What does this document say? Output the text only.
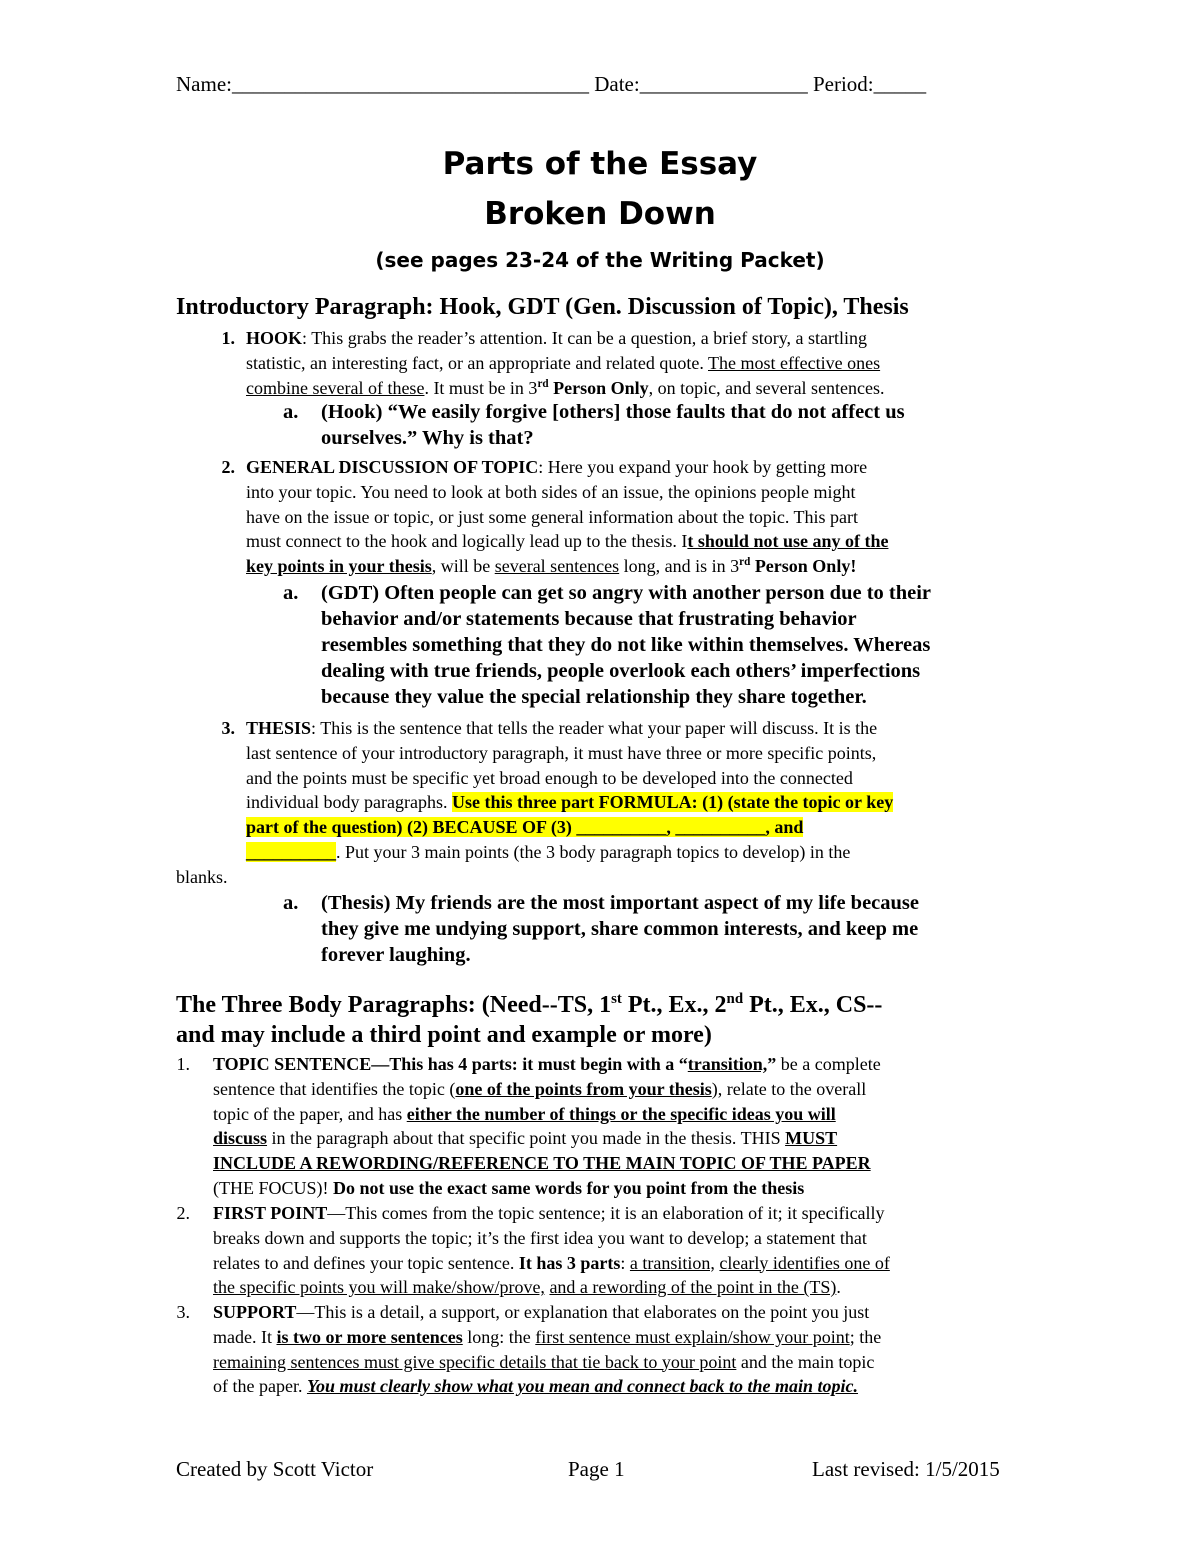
Name:__________________________________ Date:________________ Period:_____
Parts of the Essay
Broken Down
(see pages 23-24 of the Writing Packet)
Introductory Paragraph: Hook, GDT (Gen. Discussion of Topic), Thesis
1. HOOK: This grabs the reader’s attention. It can be a question, a brief story, a startling
statistic, an interesting fact, or an appropriate and related quote. The most effective ones
combine several of these. It must be in 3rd Person Only, on topic, and several sentences.
a. (Hook) “We easily forgive [others] those faults that do not affect us
ourselves.” Why is that?
2. GENERAL DISCUSSION OF TOPIC: Here you expand your hook by getting more
into your topic. You need to look at both sides of an issue, the opinions people might
have on the issue or topic, or just some general information about the topic. This part
must connect to the hook and logically lead up to the thesis. It should not use any of the
key points in your thesis, will be several sentences long, and is in 3rd Person Only!
a. (GDT) Often people can get so angry with another person due to their
behavior and/or statements because that frustrating behavior
resembles something that they do not like within themselves. Whereas
dealing with true friends, people overlook each others’ imperfections
because they value the special relationship they share together.
3. THESIS: This is the sentence that tells the reader what your paper will discuss. It is the
last sentence of your introductory paragraph, it must have three or more specific points,
and the points must be specific yet broad enough to be developed into the connected
individual body paragraphs. Use this three part FORMULA: (1) (state the topic or key
part of the question) (2) BECAUSE OF (3) __________, __________, and
__________. Put your 3 main points (the 3 body paragraph topics to develop) in the
blanks.
a. (Thesis) My friends are the most important aspect of my life because
they give me undying support, share common interests, and keep me
forever laughing.
The Three Body Paragraphs: (Need--TS, 1st Pt., Ex., 2nd Pt., Ex., CS--
and may include a third point and example or more)
1. TOPIC SENTENCE—This has 4 parts: it must begin with a “transition,” be a complete
sentence that identifies the topic (one of the points from your thesis), relate to the overall
topic of the paper, and has either the number of things or the specific ideas you will
discuss in the paragraph about that specific point you made in the thesis. THIS MUST
INCLUDE A REWORDING/REFERENCE TO THE MAIN TOPIC OF THE PAPER
(THE FOCUS)! Do not use the exact same words for you point from the thesis
2. FIRST POINT—This comes from the topic sentence; it is an elaboration of it; it specifically
breaks down and supports the topic; it’s the first idea you want to develop; a statement that
relates to and defines your topic sentence. It has 3 parts: a transition, clearly identifies one of
the specific points you will make/show/prove, and a rewording of the point in the (TS).
3. SUPPORT—This is a detail, a support, or explanation that elaborates on the point you just
made. It is two or more sentences long: the first sentence must explain/show your point; the
remaining sentences must give specific details that tie back to your point and the main topic
of the paper. You must clearly show what you mean and connect back to the main topic.
Created by Scott Victor	Page 1	Last revised: 1/5/2015
